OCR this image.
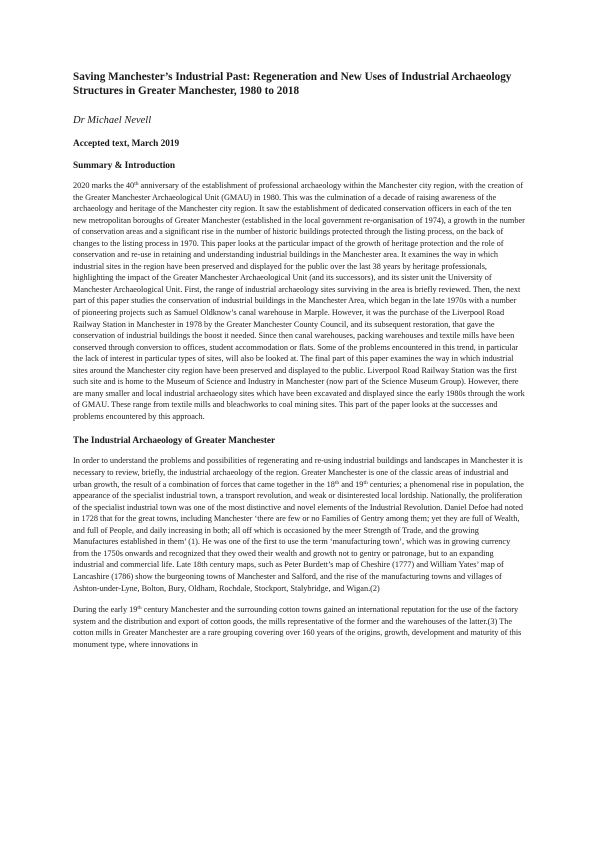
Saving Manchester’s Industrial Past: Regeneration and New Uses of Industrial Archaeology Structures in Greater Manchester, 1980 to 2018

Dr Michael Nevell

Accepted text, March 2019

Summary & Introduction

2020 marks the 40th anniversary of the establishment of professional archaeology within the Manchester city region, with the creation of the Greater Manchester Archaeological Unit (GMAU) in 1980. This was the culmination of a decade of raising awareness of the archaeology and heritage of the Manchester city region. It saw the establishment of dedicated conservation officers in each of the ten new metropolitan boroughs of Greater Manchester (established in the local government re-organisation of 1974), a growth in the number of conservation areas and a significant rise in the number of historic buildings protected through the listing process, on the back of changes to the listing process in 1970. This paper looks at the particular impact of the growth of heritage protection and the role of conservation and re-use in retaining and understanding industrial buildings in the Manchester area. It examines the way in which industrial sites in the region have been preserved and displayed for the public over the last 38 years by heritage professionals, highlighting the impact of the Greater Manchester Archaeological Unit (and its successors), and its sister unit the University of Manchester Archaeological Unit. First, the range of industrial archaeology sites surviving in the area is briefly reviewed. Then, the next part of this paper studies the conservation of industrial buildings in the Manchester Area, which began in the late 1970s with a number of pioneering projects such as Samuel Oldknow’s canal warehouse in Marple. However, it was the purchase of the Liverpool Road Railway Station in Manchester in 1978 by the Greater Manchester County Council, and its subsequent restoration, that gave the conservation of industrial buildings the boost it needed. Since then canal warehouses, packing warehouses and textile mills have been conserved through conversion to offices, student accommodation or flats. Some of the problems encountered in this trend, in particular the lack of interest in particular types of sites, will also be looked at. The final part of this paper examines the way in which industrial sites around the Manchester city region have been preserved and displayed to the public. Liverpool Road Railway Station was the first such site and is home to the Museum of Science and Industry in Manchester (now part of the Science Museum Group). However, there are many smaller and local industrial archaeology sites which have been excavated and displayed since the early 1980s through the work of GMAU. These range from textile mills and bleachworks to coal mining sites. This part of the paper looks at the successes and problems encountered by this approach.

The Industrial Archaeology of Greater Manchester

In order to understand the problems and possibilities of regenerating and re-using industrial buildings and landscapes in Manchester it is necessary to review, briefly, the industrial archaeology of the region. Greater Manchester is one of the classic areas of industrial and urban growth, the result of a combination of forces that came together in the 18th and 19th centuries; a phenomenal rise in population, the appearance of the specialist industrial town, a transport revolution, and weak or disinterested local lordship. Nationally, the proliferation of the specialist industrial town was one of the most distinctive and novel elements of the Industrial Revolution. Daniel Defoe had noted in 1728 that for the great towns, including Manchester ‘there are few or no Families of Gentry among them; yet they are full of Wealth, and full of People, and daily increasing in both; all off which is occasioned by the meer Strength of Trade, and the growing Manufactures established in them’ (1). He was one of the first to use the term ‘manufacturing town’, which was in growing currency from the 1750s onwards and recognized that they owed their wealth and growth not to gentry or patronage, but to an expanding industrial and commercial life. Late 18th century maps, such as Peter Burdett’s map of Cheshire (1777) and William Yates’ map of Lancashire (1786) show the burgeoning towns of Manchester and Salford, and the rise of the manufacturing towns and villages of Ashton-under-Lyne, Bolton, Bury, Oldham, Rochdale, Stockport, Stalybridge, and Wigan.(2)

During the early 19th century Manchester and the surrounding cotton towns gained an international reputation for the use of the factory system and the distribution and export of cotton goods, the mills representative of the former and the warehouses of the latter.(3) The cotton mills in Greater Manchester are a rare grouping covering over 160 years of the origins, growth, development and maturity of this monument type, where innovations in
